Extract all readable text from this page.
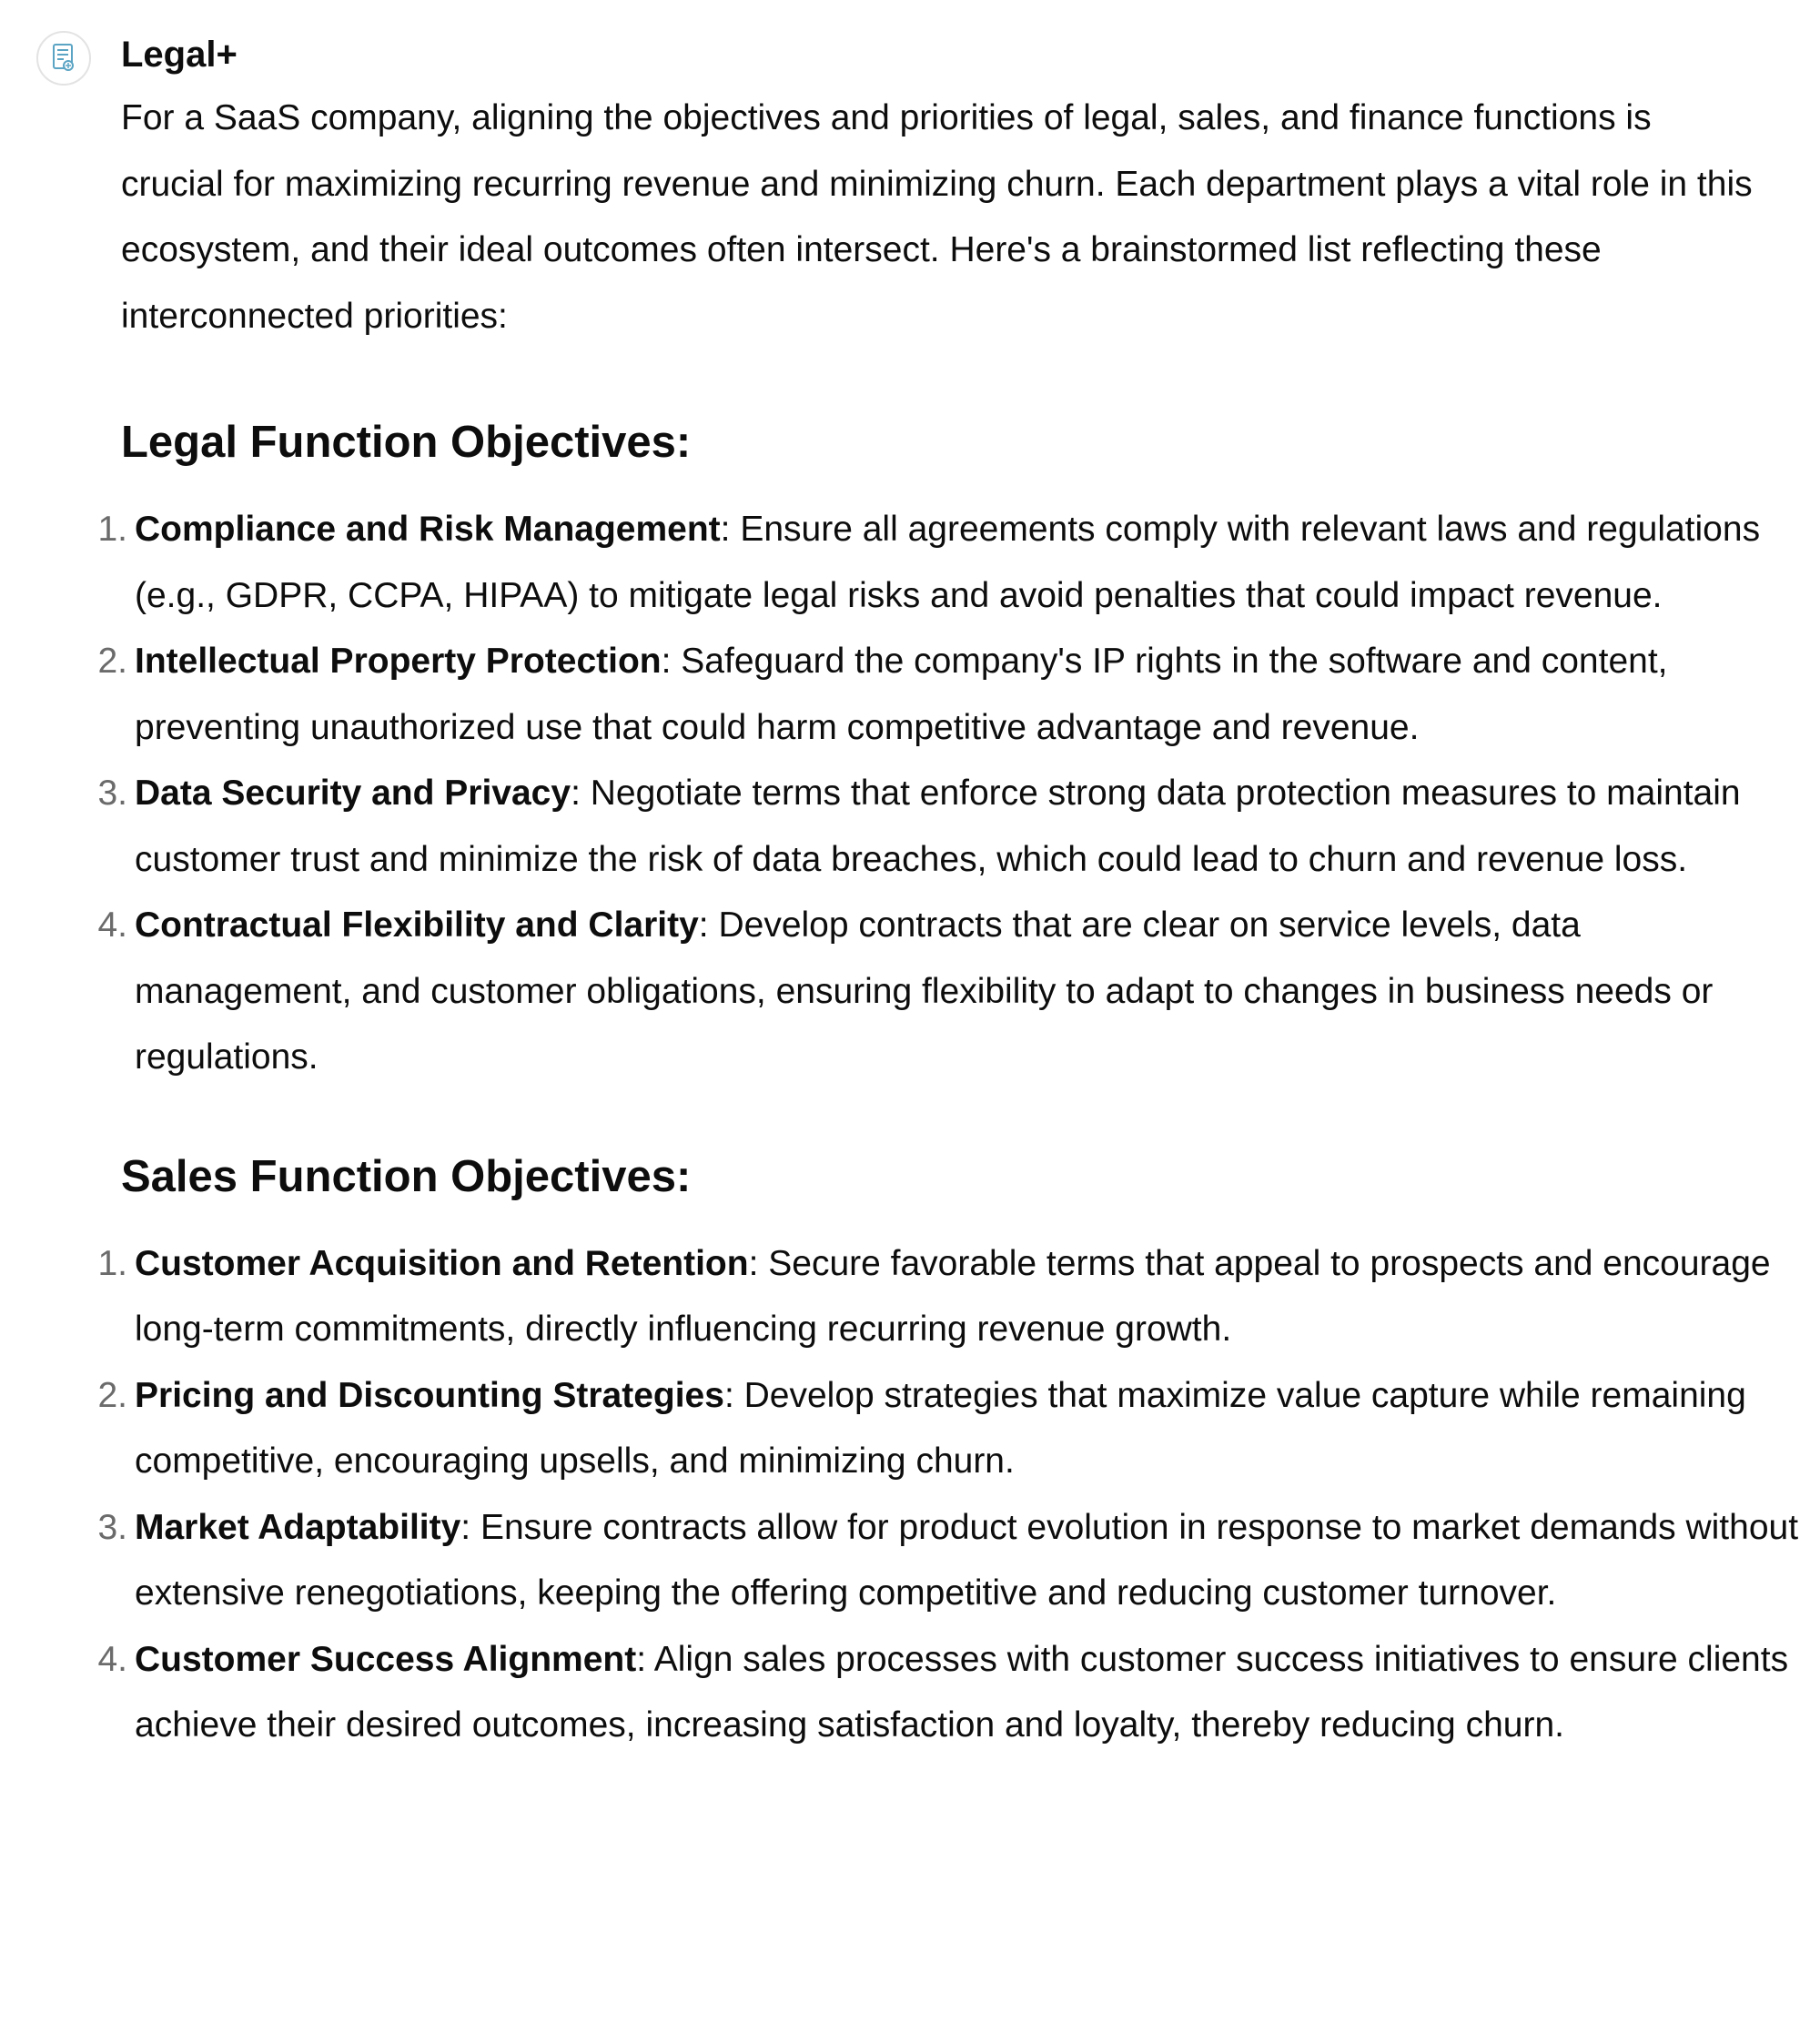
Legal+

For a SaaS company, aligning the objectives and priorities of legal, sales, and finance functions is crucial for maximizing recurring revenue and minimizing churn. Each department plays a vital role in this ecosystem, and their ideal outcomes often intersect. Here's a brainstormed list reflecting these interconnected priorities:

Legal Function Objectives:
1. Compliance and Risk Management: Ensure all agreements comply with relevant laws and regulations (e.g., GDPR, CCPA, HIPAA) to mitigate legal risks and avoid penalties that could impact revenue.
2. Intellectual Property Protection: Safeguard the company's IP rights in the software and content, preventing unauthorized use that could harm competitive advantage and revenue.
3. Data Security and Privacy: Negotiate terms that enforce strong data protection measures to maintain customer trust and minimize the risk of data breaches, which could lead to churn and revenue loss.
4. Contractual Flexibility and Clarity: Develop contracts that are clear on service levels, data management, and customer obligations, ensuring flexibility to adapt to changes in business needs or regulations.
Sales Function Objectives:
1. Customer Acquisition and Retention: Secure favorable terms that appeal to prospects and encourage long-term commitments, directly influencing recurring revenue growth.
2. Pricing and Discounting Strategies: Develop strategies that maximize value capture while remaining competitive, encouraging upsells, and minimizing churn.
3. Market Adaptability: Ensure contracts allow for product evolution in response to market demands without extensive renegotiations, keeping the offering competitive and reducing customer turnover.
4. Customer Success Alignment: Align sales processes with customer success initiatives to ensure clients achieve their desired outcomes, increasing satisfaction and loyalty, thereby reducing churn.
